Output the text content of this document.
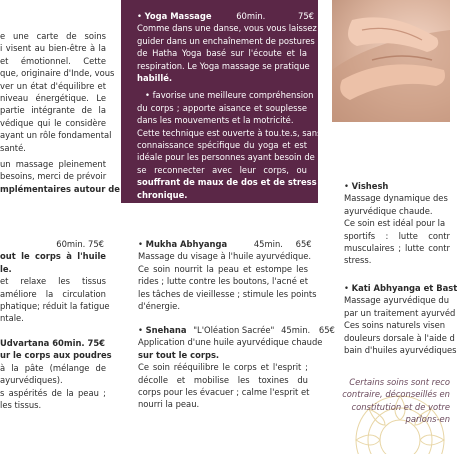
e une carte de soins
i visent au bien-être à la
et émotionnel. Cette
que, originaire d'Inde, vous
ver un état d'équilibre et
niveau énergétique. Le
partie intégrante de la
védique qui le considère
ayant un rôle fondamental
santé.
un massage pleinement
besoins, merci de prévoir
mplémentaires autour de
60min. 75€
out le corps à l'huile
le.
et relaxe les tissus
améliore la circulation
phatique; réduit la fatigue
ntale.
Udvartana 60min. 75€
ur le corps aux poudres
à la pâte (mélange de
ayurvédiques).
s aspérités de la peau ;
les tissus.
• Yoga Massage	60min.	75€
Comme dans une danse, vous vous laissez
guider dans un enchaînement de postures
de Hatha Yoga basé sur l'écoute et la
respiration. Le Yoga massage se pratique
habillé.
• favorise une meilleure compréhension
du corps ; apporte aisance et souplesse
dans les mouvements et la motricité.
Cette technique est ouverte à tou.te.s, sans
connaissance spécifique du yoga et est
idéale pour les personnes ayant besoin de
se reconnecter avec leur corps, ou
souffrant de maux de dos et de stress
chronique.
• Mukha Abhyanga	45min. 65€
Massage du visage à l'huile ayurvédique.
Ce soin nourrit la peau et estompe les
rides ; lutte contre les boutons, l'acné et
les tâches de vieillesse ; stimule les points
d'énergie.
• Snehana "L'Oléation Sacrée" 45min. 65€
Application d'une huile ayurvédique chaude
sur tout le corps.
Ce soin rééquilibre le corps et l'esprit ;
décolle et mobilise les toxines du
corps pour les évacuer ; calme l'esprit et
nourri la peau.
• Vishesh
Massage dynamique des
ayurvédique chaude.
Ce soin est idéal pour la
sportifs : lutte contr
musculaires ; lutte contr
stress.
• Kati Abhyanga et Bast
Massage ayurvédique du
par un traitement ayurvéd
Ces soins naturels visen
douleurs dorsale à l'aide d
bain d'huiles ayurvédiques
Certains soins sont reco
contraire, déconseillés en
constitution et de votre
parlons-en
